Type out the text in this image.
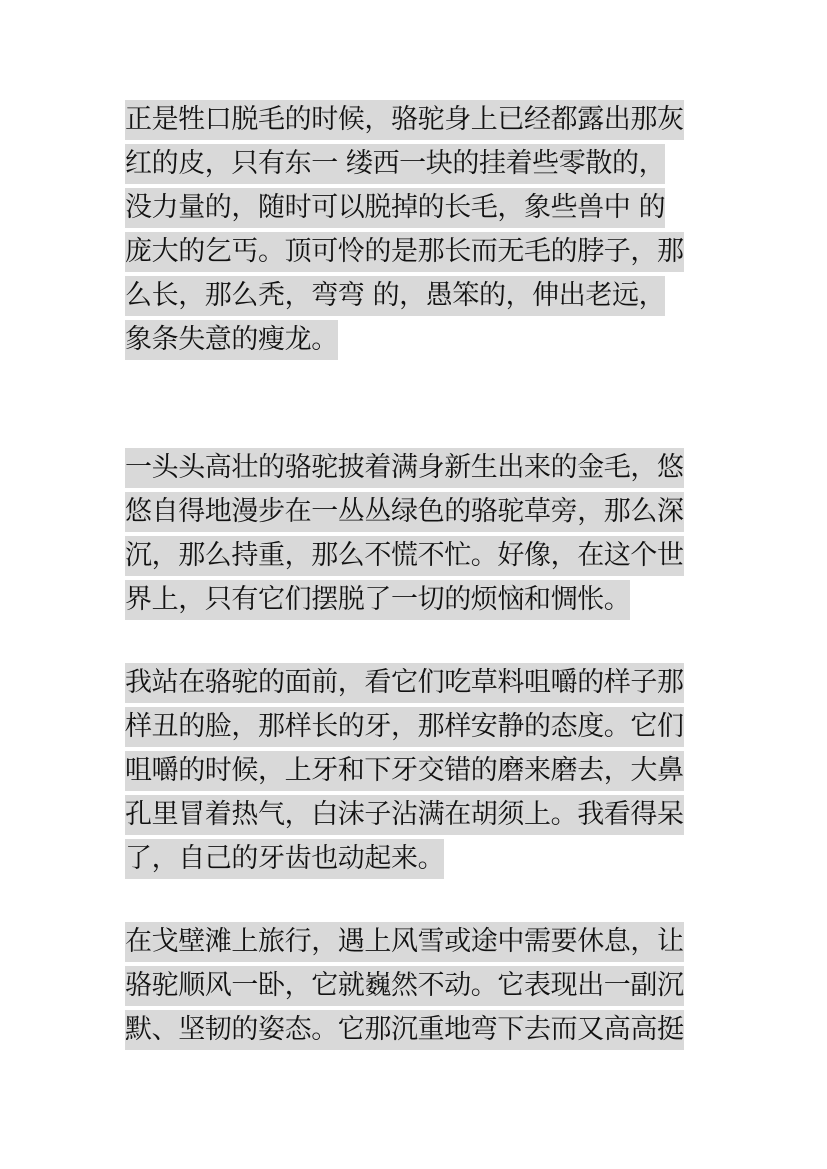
正是牲口脱毛的时候，骆驼身上已经都露出那灰
红的皮，只有东一 缕西一块的挂着些零散的，
没力量的，随时可以脱掉的长毛，象些兽中 的
庞大的乞丐。顶可怜的是那长而无毛的脖子，那
么长，那么秃，弯弯 的，愚笨的，伸出老远，
象条失意的瘦龙。
一头头高壮的骆驼披着满身新生出来的金毛，悠
悠自得地漫步在一丛丛绿色的骆驼草旁，那么深
沉，那么持重，那么不慌不忙。好像，在这个世
界上，只有它们摆脱了一切的烦恼和惆怅。
我站在骆驼的面前，看它们吃草料咀嚼的样子那
样丑的脸，那样长的牙，那样安静的态度。它们
咀嚼的时候，上牙和下牙交错的磨来磨去，大鼻
孔里冒着热气，白沫子沾满在胡须上。我看得呆
了，自己的牙齿也动起来。
在戈壁滩上旅行，遇上风雪或途中需要休息，让
骆驼顺风一卧，它就巍然不动。它表现出一副沉
默、坚韧的姿态。它那沉重地弯下去而又高高挺
